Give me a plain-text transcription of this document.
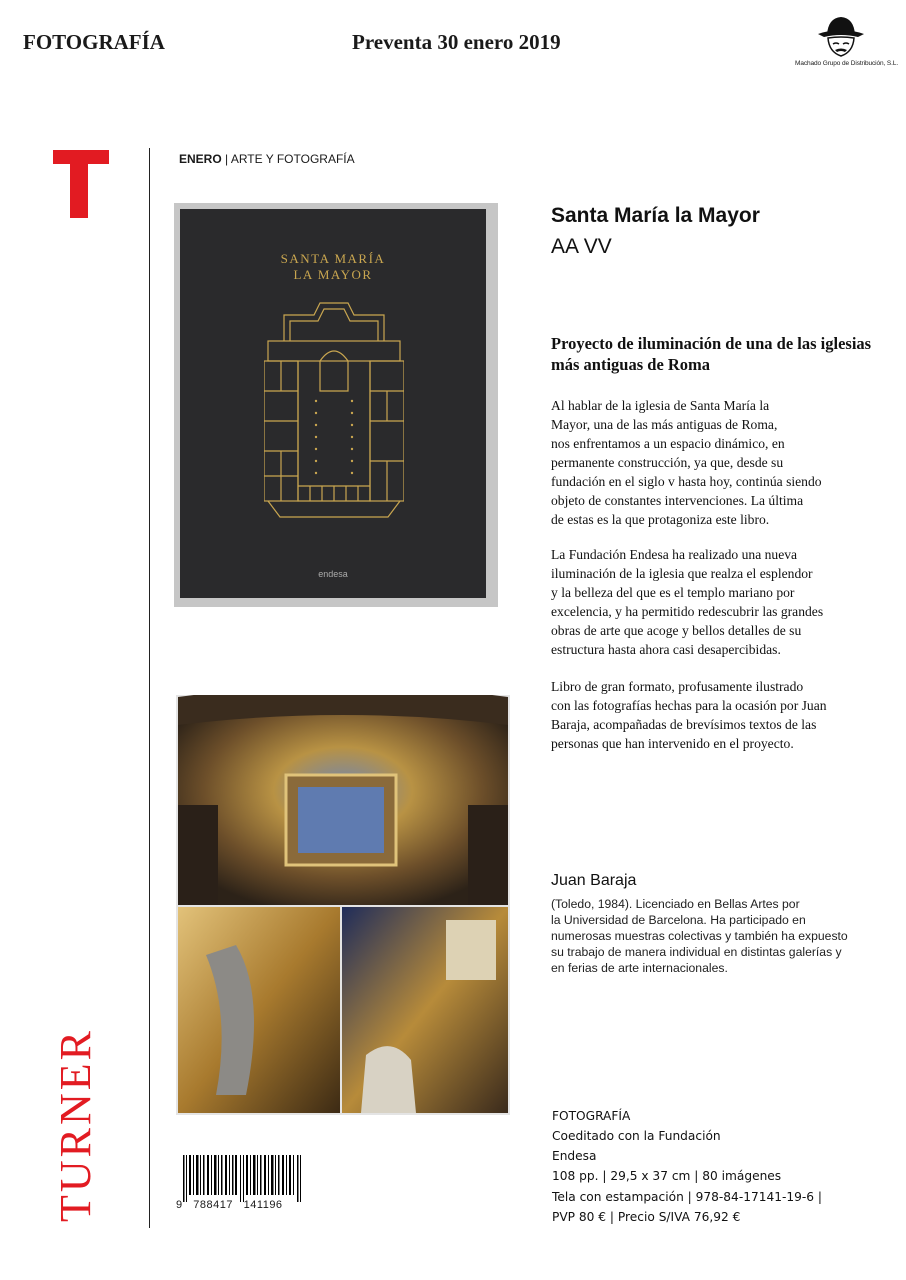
FOTOGRAFÍA	Preventa 30 enero 2019
Machado Grupo de Distribución, S.L.
TURNER
ENERO | ARTE Y FOTOGRAFÍA
SANTA MARÍA
LA MAYOR
endesa
Santa María la Mayor
AA VV
Proyecto de iluminación de una de las iglesias más antiguas de Roma
Al hablar de la iglesia de Santa María la
Mayor, una de las más antiguas de Roma,
nos enfrentamos a un espacio dinámico, en
permanente construcción, ya que, desde su
fundación en el siglo v hasta hoy, continúa siendo
objeto de constantes intervenciones. La última
de estas es la que protagoniza este libro.
La Fundación Endesa ha realizado una nueva
iluminación de la iglesia que realza el esplendor
y la belleza del que es el templo mariano por
excelencia, y ha permitido redescubrir las grandes
obras de arte que acoge y bellos detalles de su
estructura hasta ahora casi desapercibidas.
Libro de gran formato, profusamente ilustrado
con las fotografías hechas para la ocasión por Juan
Baraja, acompañadas de brevísimos textos de las
personas que han intervenido en el proyecto.
Juan Baraja
(Toledo, 1984). Licenciado en Bellas Artes por
la Universidad de Barcelona. Ha participado en
numerosas muestras colectivas y también ha expuesto
su trabajo de manera individual en distintas galerías y
en ferias de arte internacionales.
FOTOGRAFÍA
Coeditado con la Fundación
Endesa
108 pp. | 29,5 x 37 cm | 80 imágenes
Tela con estampación | 978-84-17141-19-6 |
PVP 80 € | Precio S/IVA 76,92 €
9   788417   141196
